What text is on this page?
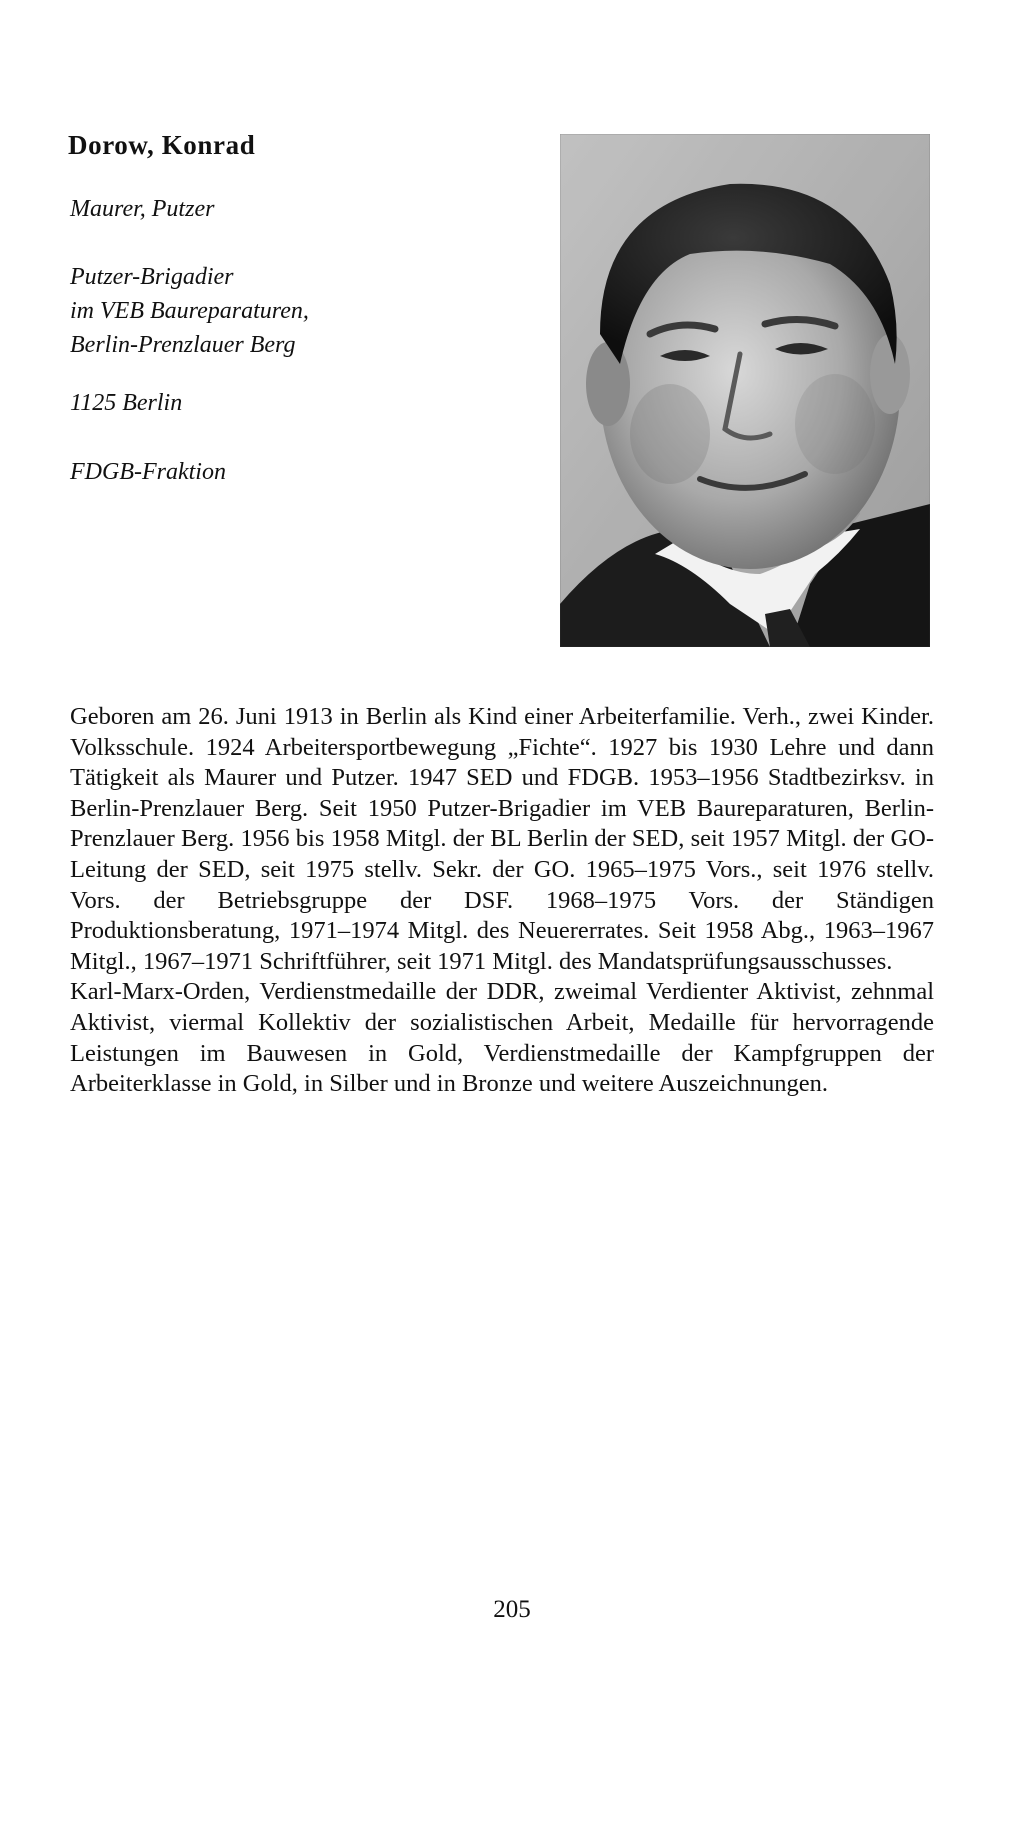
Dorow, Konrad

Maurer, Putzer

Putzer-Brigadier
im VEB Baureparaturen,
Berlin-Prenzlauer Berg

1125 Berlin

FDGB-Fraktion

Geboren am 26. Juni 1913 in Berlin als Kind einer Arbeiterfamilie. Verh., zwei Kinder. Volksschule. 1924 Arbeitersportbewegung „Fichte“. 1927 bis 1930 Lehre und dann Tätigkeit als Maurer und Putzer. 1947 SED und FDGB. 1953–1956 Stadtbezirksv. in Berlin-Prenzlauer Berg. Seit 1950 Putzer-Brigadier im VEB Baureparaturen, Berlin-Prenzlauer Berg. 1956 bis 1958 Mitgl. der BL Berlin der SED, seit 1957 Mitgl. der GO-Leitung der SED, seit 1975 stellv. Sekr. der GO. 1965–1975 Vors., seit 1976 stellv. Vors. der Betriebsgruppe der DSF. 1968–1975 Vors. der Ständigen Produktionsberatung, 1971–1974 Mitgl. des Neuererrates. Seit 1958 Abg., 1963–1967 Mitgl., 1967–1971 Schriftführer, seit 1971 Mitgl. des Mandatsprüfungsausschusses.

Karl-Marx-Orden, Verdienstmedaille der DDR, zweimal Verdienter Aktivist, zehnmal Aktivist, viermal Kollektiv der sozialistischen Arbeit, Medaille für hervorragende Leistungen im Bauwesen in Gold, Verdienstmedaille der Kampfgruppen der Arbeiterklasse in Gold, in Silber und in Bronze und weitere Auszeichnungen.

205
